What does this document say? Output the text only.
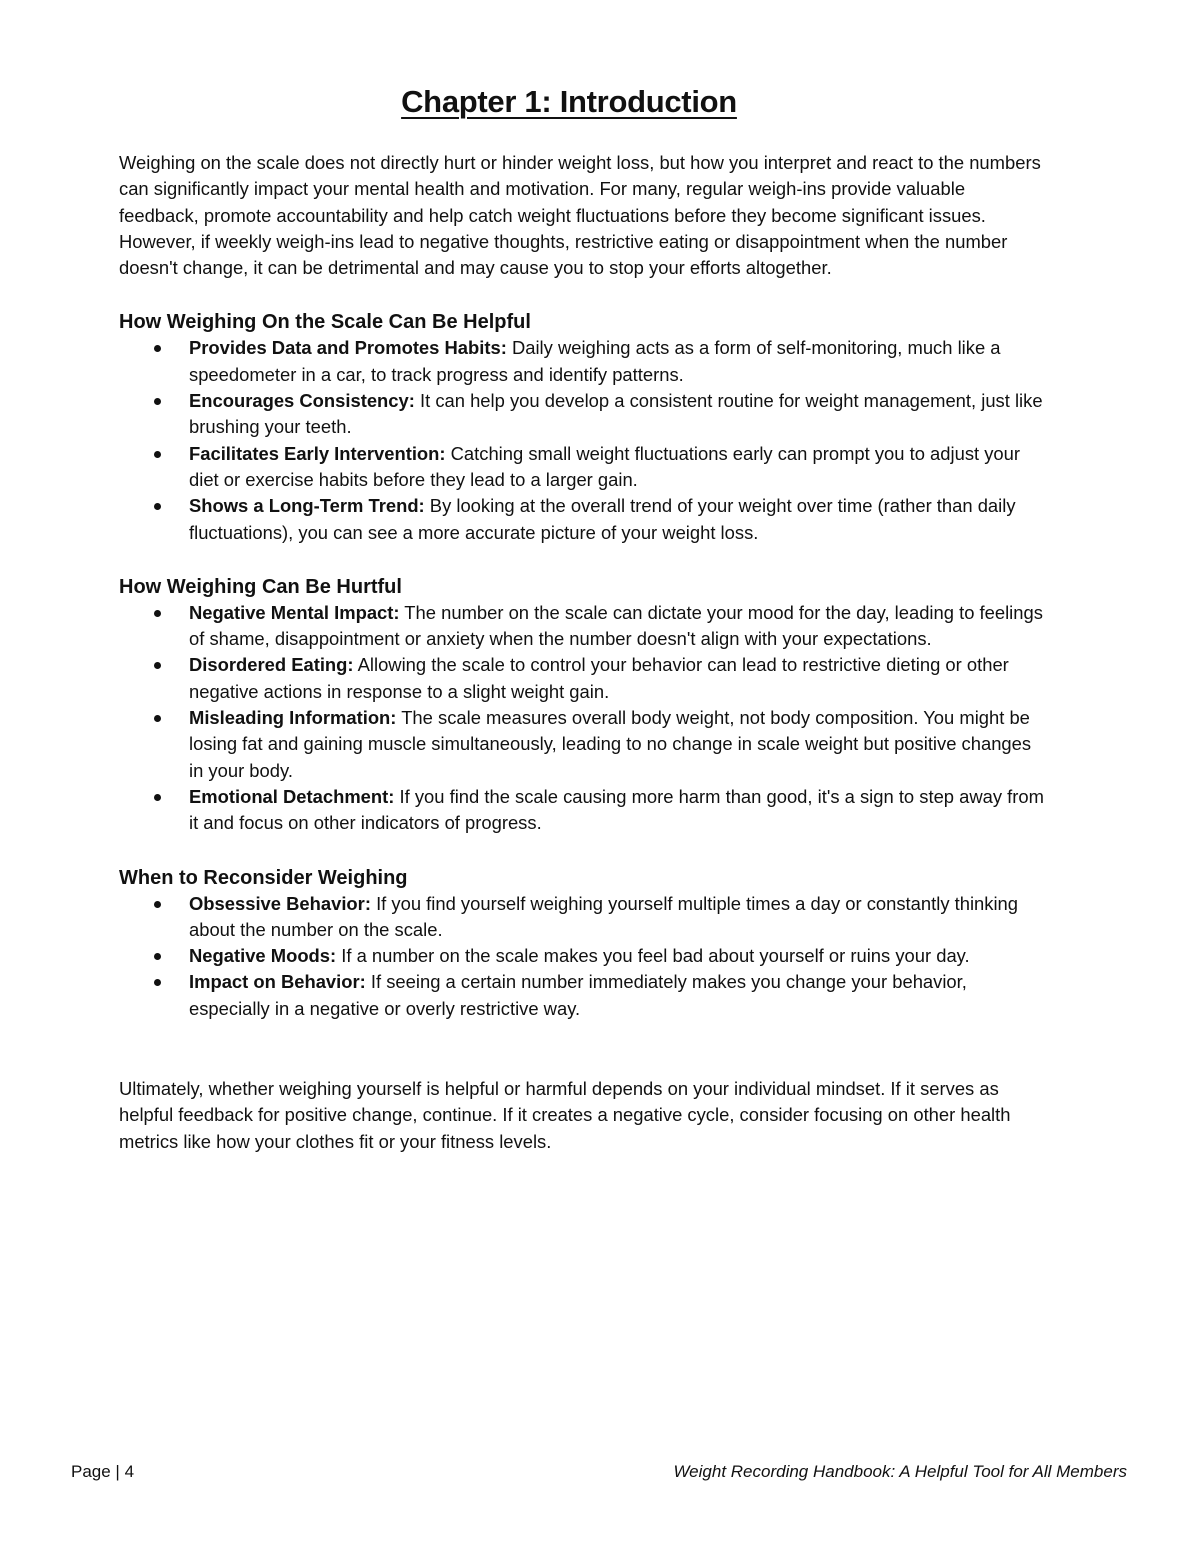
Chapter 1: Introduction

Weighing on the scale does not directly hurt or hinder weight loss, but how you interpret and react to the numbers can significantly impact your mental health and motivation. For many, regular weigh-ins provide valuable feedback, promote accountability and help catch weight fluctuations before they become significant issues. However, if weekly weigh-ins lead to negative thoughts, restrictive eating or disappointment when the number doesn't change, it can be detrimental and may cause you to stop your efforts altogether.

How Weighing On the Scale Can Be Helpful
Provides Data and Promotes Habits: Daily weighing acts as a form of self-monitoring, much like a speedometer in a car, to track progress and identify patterns.
Encourages Consistency: It can help you develop a consistent routine for weight management, just like brushing your teeth.
Facilitates Early Intervention: Catching small weight fluctuations early can prompt you to adjust your diet or exercise habits before they lead to a larger gain.
Shows a Long-Term Trend: By looking at the overall trend of your weight over time (rather than daily fluctuations), you can see a more accurate picture of your weight loss.
How Weighing Can Be Hurtful
Negative Mental Impact: The number on the scale can dictate your mood for the day, leading to feelings of shame, disappointment or anxiety when the number doesn't align with your expectations.
Disordered Eating: Allowing the scale to control your behavior can lead to restrictive dieting or other negative actions in response to a slight weight gain.
Misleading Information: The scale measures overall body weight, not body composition. You might be losing fat and gaining muscle simultaneously, leading to no change in scale weight but positive changes in your body.
Emotional Detachment: If you find the scale causing more harm than good, it's a sign to step away from it and focus on other indicators of progress.
When to Reconsider Weighing
Obsessive Behavior: If you find yourself weighing yourself multiple times a day or constantly thinking about the number on the scale.
Negative Moods: If a number on the scale makes you feel bad about yourself or ruins your day.
Impact on Behavior: If seeing a certain number immediately makes you change your behavior, especially in a negative or overly restrictive way.

Ultimately, whether weighing yourself is helpful or harmful depends on your individual mindset. If it serves as helpful feedback for positive change, continue. If it creates a negative cycle, consider focusing on other health metrics like how your clothes fit or your fitness levels.

Page | 4	Weight Recording Handbook: A Helpful Tool for All Members
